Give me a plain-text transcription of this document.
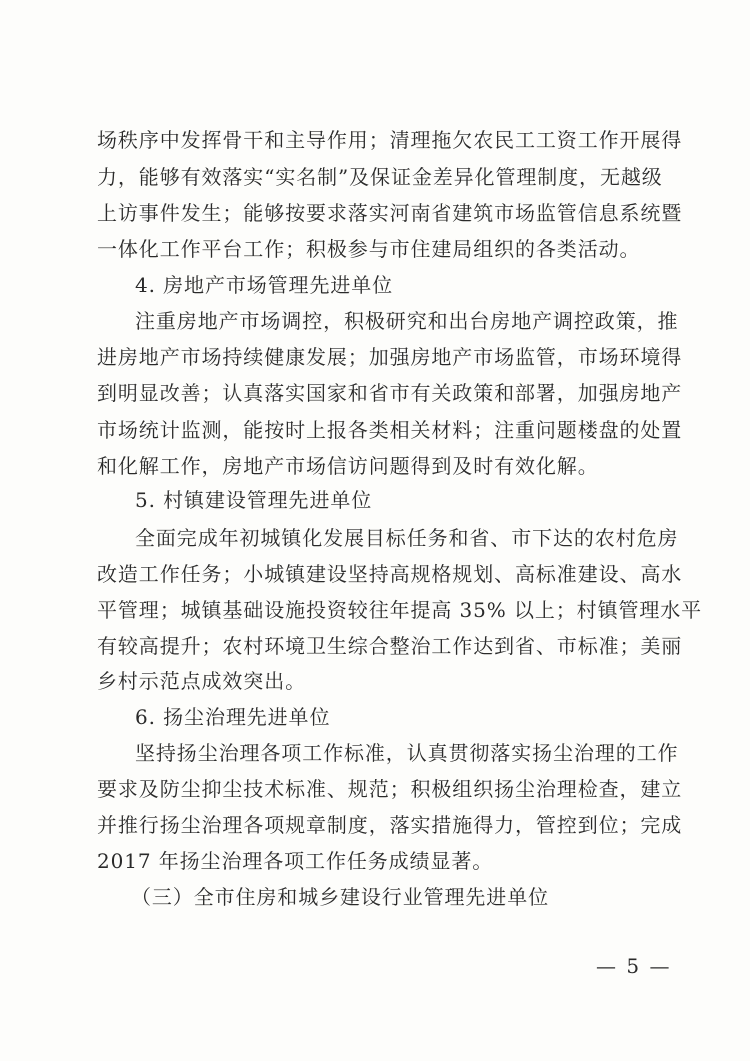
场秩序中发挥骨干和主导作用；清理拖欠农民工工资工作开展得
力，能够有效落实“实名制”及保证金差异化管理制度，无越级
上访事件发生；能够按要求落实河南省建筑市场监管信息系统暨
一体化工作平台工作；积极参与市住建局组织的各类活动。
4. 房地产市场管理先进单位
注重房地产市场调控，积极研究和出台房地产调控政策，推
进房地产市场持续健康发展；加强房地产市场监管，市场环境得
到明显改善；认真落实国家和省市有关政策和部署，加强房地产
市场统计监测，能按时上报各类相关材料；注重问题楼盘的处置
和化解工作，房地产市场信访问题得到及时有效化解。
5. 村镇建设管理先进单位
全面完成年初城镇化发展目标任务和省、市下达的农村危房
改造工作任务；小城镇建设坚持高规格规划、高标准建设、高水
平管理；城镇基础设施投资较往年提高 35% 以上；村镇管理水平
有较高提升；农村环境卫生综合整治工作达到省、市标准；美丽
乡村示范点成效突出。
6. 扬尘治理先进单位
坚持扬尘治理各项工作标准，认真贯彻落实扬尘治理的工作
要求及防尘抑尘技术标准、规范；积极组织扬尘治理检查，建立
并推行扬尘治理各项规章制度，落实措施得力，管控到位；完成
2017 年扬尘治理各项工作任务成绩显著。
（三）全市住房和城乡建设行业管理先进单位
— 5 —
